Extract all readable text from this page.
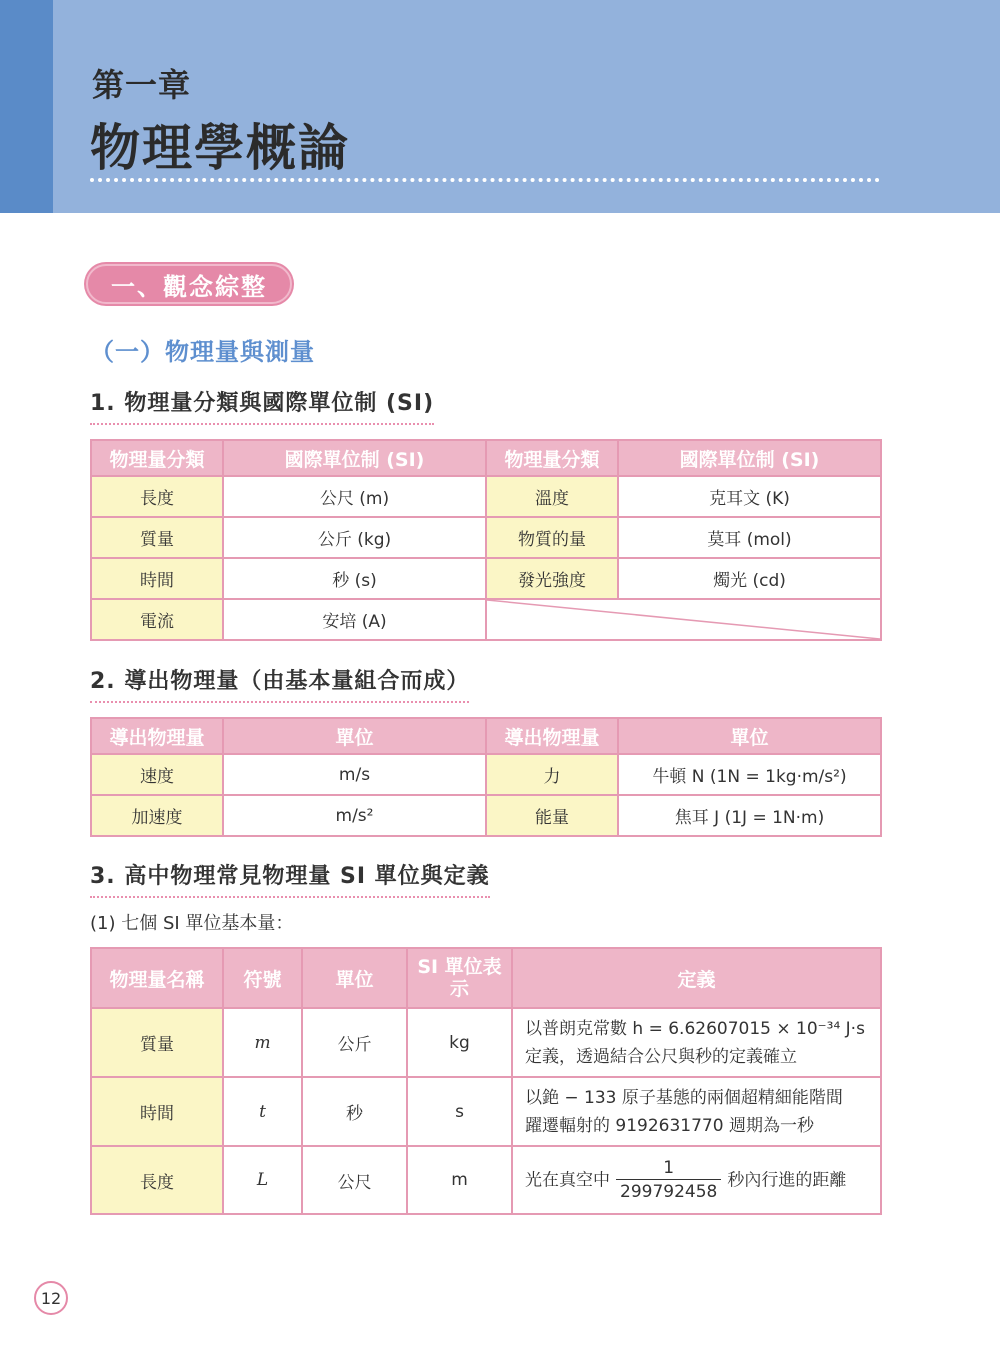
第一章
物理學概論
一、觀念綜整
（一）物理量與測量
1. 物理量分類與國際單位制 (SI)
物理量分類	國際單位制 (SI)	物理量分類	國際單位制 (SI)
長度	公尺 (m)	溫度	克耳文 (K)
質量	公斤 (kg)	物質的量	莫耳 (mol)
時間	秒 (s)	發光強度	燭光 (cd)
電流	安培 (A)	
2. 導出物理量（由基本量組合而成）
導出物理量	單位	導出物理量	單位
速度	m/s	力	牛頓 N (1N = 1kg·m/s²)
加速度	m/s²	能量	焦耳 J (1J = 1N·m)
3. 高中物理常見物理量 SI 單位與定義
(1) 七個 SI 單位基本量：
物理量名稱	符號	單位	SI 單位表示	定義
質量	m	公斤	kg	以普朗克常數 h = 6.62607015 × 10⁻³⁴ J·s
定義，透過結合公尺與秒的定義確立

時間	t	秒	s	以銫 − 133 原子基態的兩個超精細能階間
躍遷輻射的 9192631770 週期為一秒

長度	L	公尺	m	光在真空中 $\frac{1}{299792458}$ 秒內行進的距離
12
